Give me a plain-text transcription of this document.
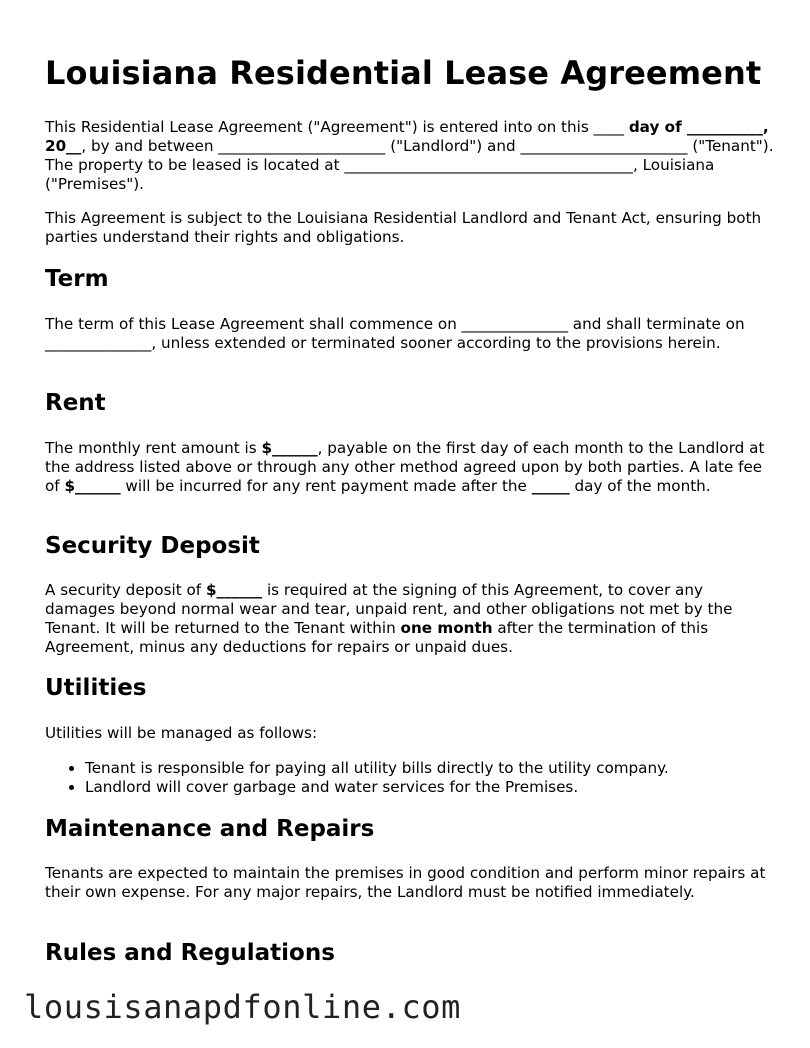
Louisiana Residential Lease Agreement

This Residential Lease Agreement ("Agreement") is entered into on this ____ day of __________, 20__, by and between ______________________ ("Landlord") and ______________________ ("Tenant"). The property to be leased is located at ______________________________________, Louisiana ("Premises").

This Agreement is subject to the Louisiana Residential Landlord and Tenant Act, ensuring both parties understand their rights and obligations.

Term

The term of this Lease Agreement shall commence on ______________ and shall terminate on ______________, unless extended or terminated sooner according to the provisions herein.

Rent

The monthly rent amount is $______, payable on the first day of each month to the Landlord at the address listed above or through any other method agreed upon by both parties. A late fee of $______ will be incurred for any rent payment made after the _____ day of the month.

Security Deposit

A security deposit of $______ is required at the signing of this Agreement, to cover any damages beyond normal wear and tear, unpaid rent, and other obligations not met by the Tenant. It will be returned to the Tenant within one month after the termination of this Agreement, minus any deductions for repairs or unpaid dues.

Utilities

Utilities will be managed as follows:

• Tenant is responsible for paying all utility bills directly to the utility company.
• Landlord will cover garbage and water services for the Premises.
Maintenance and Repairs

Tenants are expected to maintain the premises in good condition and perform minor repairs at their own expense. For any major repairs, the Landlord must be notified immediately.

Rules and Regulations
lousisanapdfonline.com
